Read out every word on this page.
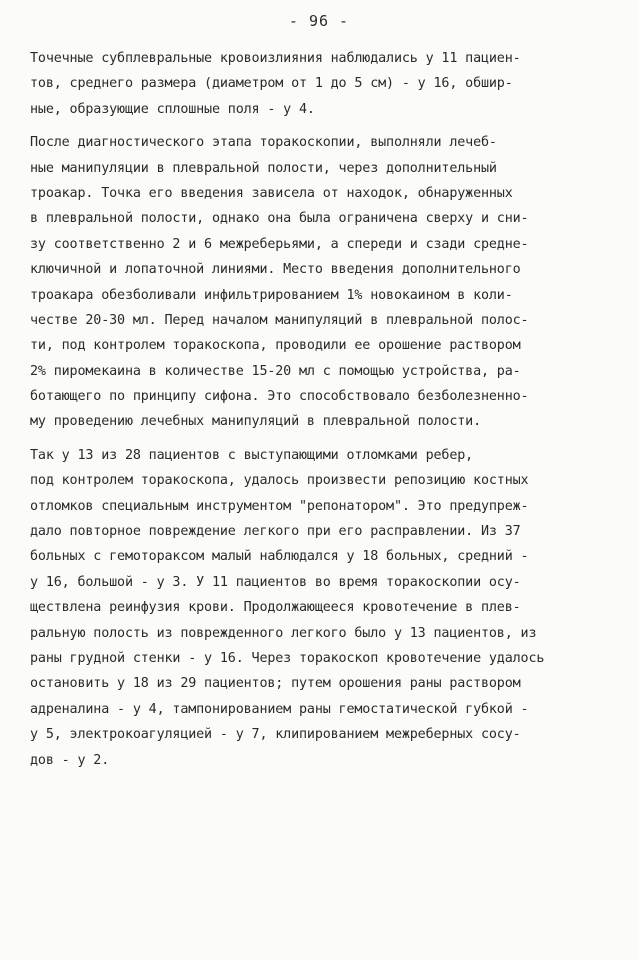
- 96 -
Точечные субплевральные кровоизлияния наблюдались у 11 пациен-
тов, среднего размера (диаметром от 1 до 5 см) - у 16, обшир-
ные, образующие сплошные поля - у 4.
После диагностического этапа торакоскопии, выполняли лечеб-
ные манипуляции в плевральной полости, через дополнительный
троакар. Точка его введения зависела от находок, обнаруженных
в плевральной полости, однако она была ограничена сверху и сни-
зу соответственно 2 и 6 межреберьями, а спереди и сзади средне-
ключичной и лопаточной линиями. Место введения дополнительного
троакара обезболивали инфильтрированием 1% новокаином в коли-
честве 20-30 мл. Перед началом манипуляций в плевральной полос-
ти, под контролем торакоскопа, проводили ее орошение раствором
2% пиромекаина в количестве 15-20 мл с помощью устройства, ра-
ботающего по принципу сифона. Это способствовало безболезненно-
му проведению лечебных манипуляций в плевральной полости.
Так у 13 из 28 пациентов с выступающими отломками ребер,
под контролем торакоскопа, удалось произвести репозицию костных
отломков специальным инструментом "репонатором". Это предупреж-
дало повторное повреждение легкого при его расправлении. Из 37
больных с гемотораксом малый наблюдался у 18 больных, средний -
у 16, большой - у 3. У 11 пациентов во время торакоскопии осу-
ществлена реинфузия крови. Продолжающееся кровотечение в плев-
ральную полость из поврежденного легкого было у 13 пациентов, из
раны грудной стенки - у 16. Через торакоскоп кровотечение удалось
остановить у 18 из 29 пациентов; путем орошения раны раствором
адреналина - у 4, тампонированием раны гемостатической губкой -
у 5, электрокоагуляцией - у 7, клипированием межреберных сосу-
дов - у 2.
